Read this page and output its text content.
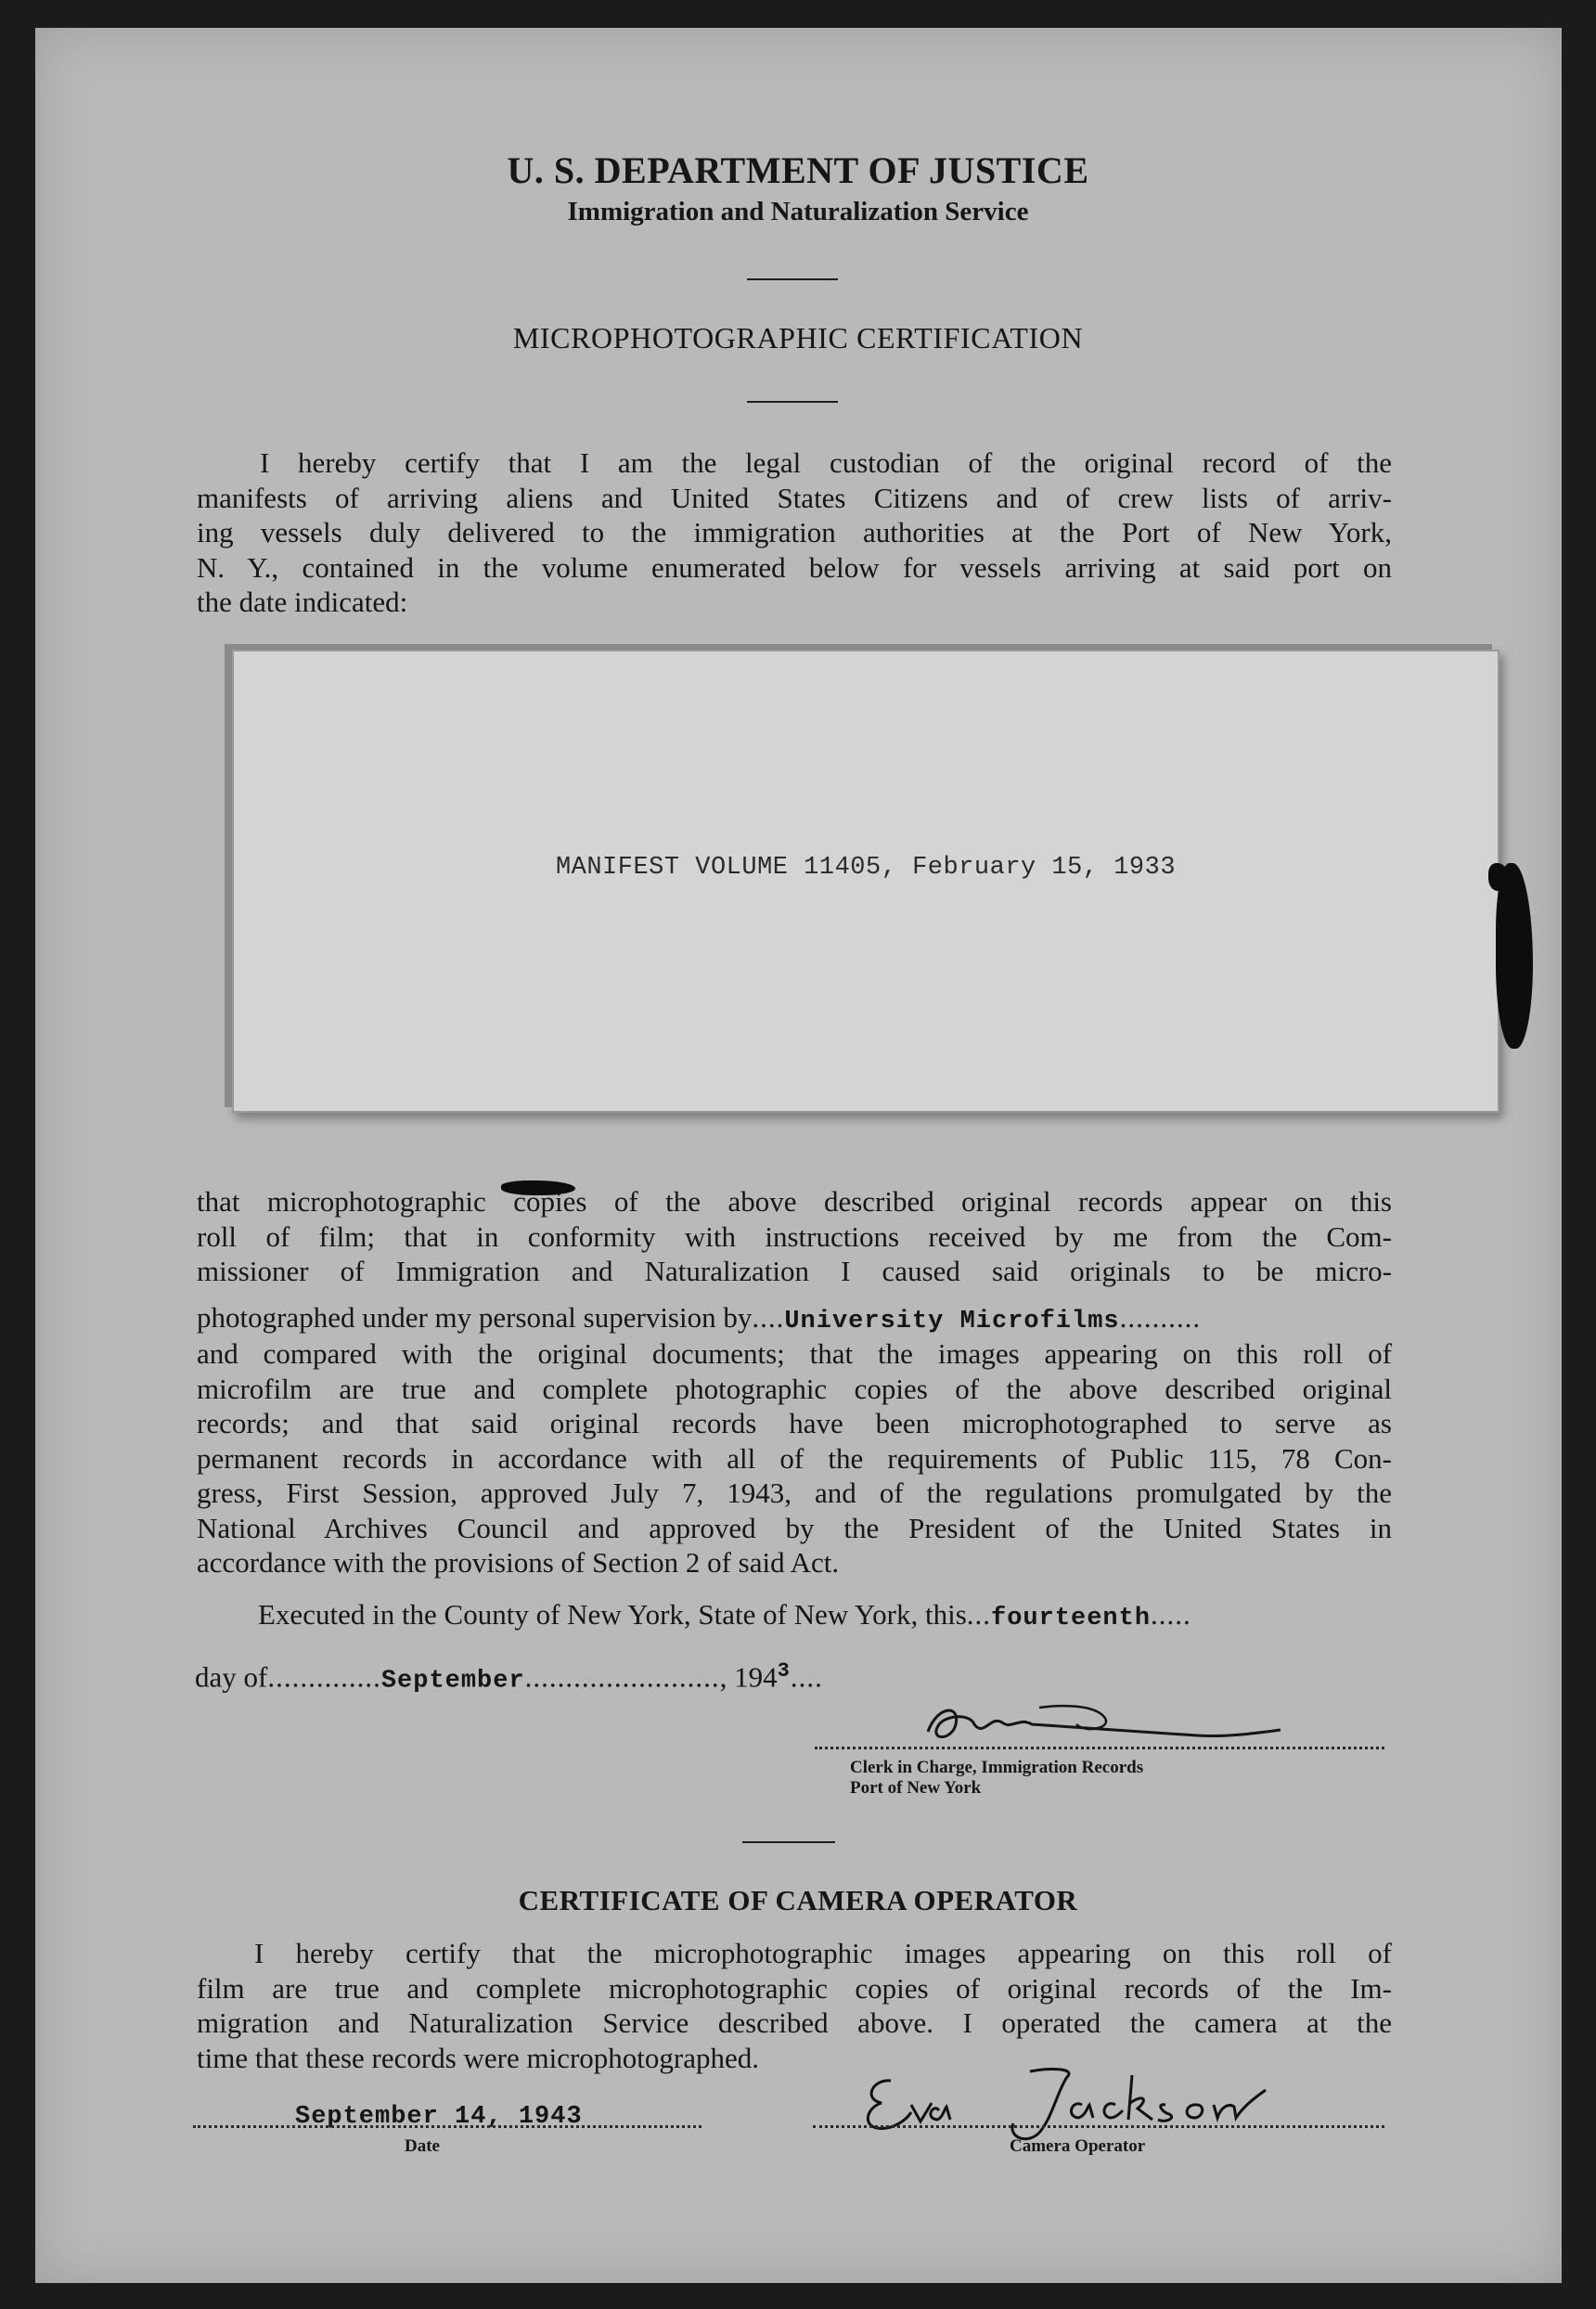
U. S. DEPARTMENT OF JUSTICE
Immigration and Naturalization Service
MICROPHOTOGRAPHIC CERTIFICATION
I hereby certify that I am the legal custodian of the original record of the
manifests of arriving aliens and United States Citizens and of crew lists of arriv-
ing vessels duly delivered to the immigration authorities at the Port of New York,
N. Y., contained in the volume enumerated below for vessels arriving at said port on
the date indicated:
MANIFEST VOLUME 11405, February 15, 1933
that microphotographic copies of the above described original records appear on this
roll of film; that in conformity with instructions received by me from the Com-
missioner of Immigration and Naturalization I caused said originals to be micro-
photographed under my personal supervision by....University Microfilms..........
and compared with the original documents; that the images appearing on this roll of
microfilm are true and complete photographic copies of the above described original
records; and that said original records have been microphotographed to serve as
permanent records in accordance with all of the requirements of Public 115, 78 Con-
gress, First Session, approved July 7, 1943, and of the regulations promulgated by the
National Archives Council and approved by the President of the United States in
accordance with the provisions of Section 2 of said Act.
Executed in the County of New York, State of New York, this...fourteenth.....
day of..............September........................, $194^3$....
Clerk in Charge, Immigration Records
Port of New York
CERTIFICATE OF CAMERA OPERATOR
I hereby certify that the microphotographic images appearing on this roll of
film are true and complete microphotographic copies of original records of the Im-
migration and Naturalization Service described above. I operated the camera at the
time that these records were microphotographed.
September 14, 1943
Date	Camera Operator
